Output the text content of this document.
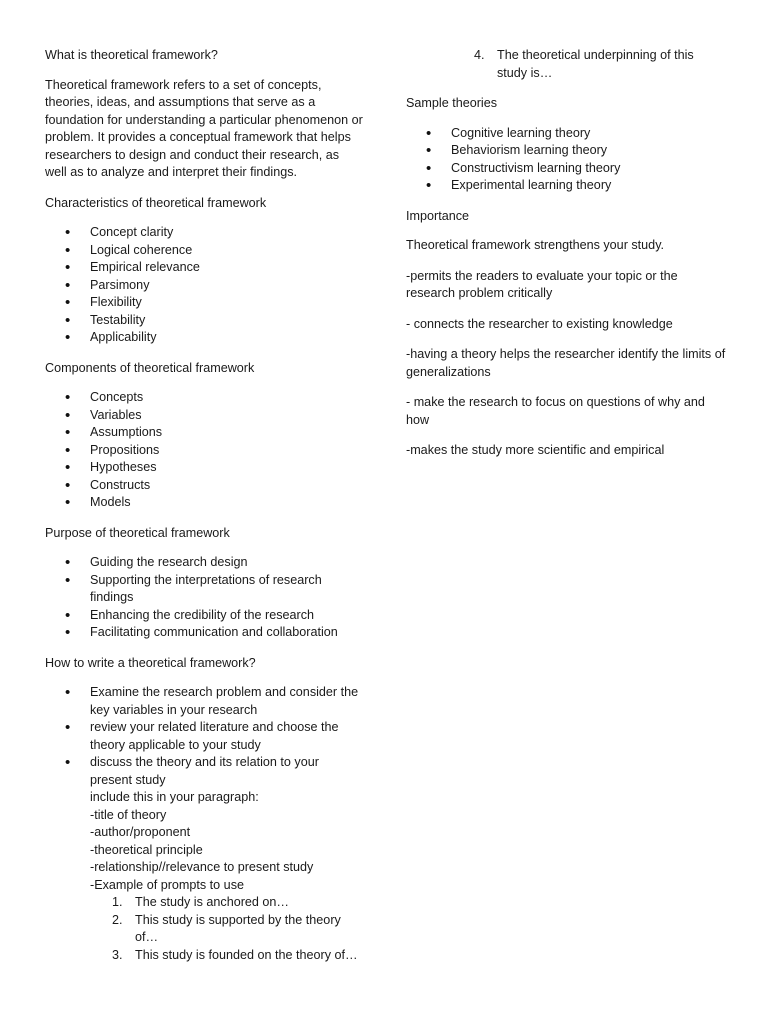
What is theoretical framework?

Theoretical framework refers to a set of concepts, theories, ideas, and assumptions that serve as a foundation for understanding a particular phenomenon or problem. It provides a conceptual framework that helps researchers to design and conduct their research, as well as to analyze and interpret their findings.

Characteristics of theoretical framework

• Concept clarity
• Logical coherence
• Empirical relevance
• Parsimony
• Flexibility
• Testability
• Applicability

Components of theoretical framework

• Concepts
• Variables
• Assumptions
• Propositions
• Hypotheses
• Constructs
• Models

Purpose of theoretical framework

• Guiding the research design
• Supporting the interpretations of research findings
• Enhancing the credibility of the research
• Facilitating communication and collaboration

How to write a theoretical framework?

• Examine the research problem and consider the key variables in your research
• review your related literature and choose the theory applicable to your study
• discuss the theory and its relation to your present study
include this in your paragraph:
-title of theory
-author/proponent
-theoretical principle
-relationship//relevance to present study
-Example of prompts to use
1. The study is anchored on…
2. This study is supported by the theory of…
3. This study is founded on the theory of…
4. The theoretical underpinning of this study is…

Sample theories

• Cognitive learning theory
• Behaviorism learning theory
• Constructivism learning theory
• Experimental learning theory

Importance

Theoretical framework strengthens your study.

-permits the readers to evaluate your topic or the research problem critically

- connects the researcher to existing knowledge

-having a theory helps the researcher identify the limits of generalizations

- make the research to focus on questions of why and how

-makes the study more scientific and empirical
